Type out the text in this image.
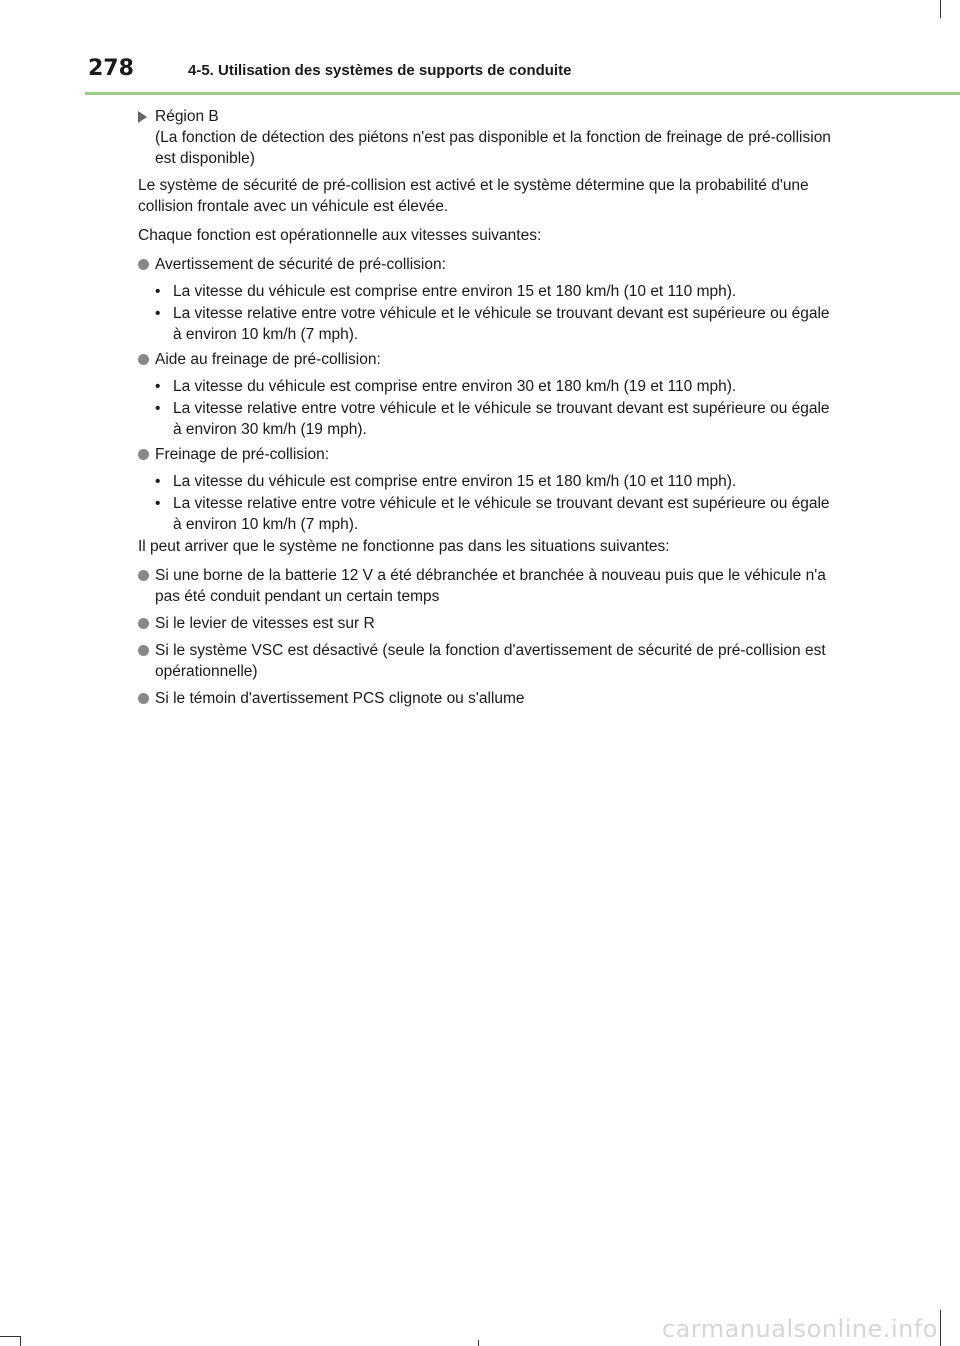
278	4-5. Utilisation des systèmes de supports de conduite
Région B
(La fonction de détection des piétons n'est pas disponible et la fonction de freinage de pré-collision est disponible)

Le système de sécurité de pré-collision est activé et le système détermine que la probabilité d'une collision frontale avec un véhicule est élevée.

Chaque fonction est opérationnelle aux vitesses suivantes:

Avertissement de sécurité de pré-collision:
• La vitesse du véhicule est comprise entre environ 15 et 180 km/h (10 et 110 mph).
• La vitesse relative entre votre véhicule et le véhicule se trouvant devant est supérieure ou égale à environ 10 km/h (7 mph).
Aide au freinage de pré-collision:
• La vitesse du véhicule est comprise entre environ 30 et 180 km/h (19 et 110 mph).
• La vitesse relative entre votre véhicule et le véhicule se trouvant devant est supérieure ou égale à environ 30 km/h (19 mph).
Freinage de pré-collision:
• La vitesse du véhicule est comprise entre environ 15 et 180 km/h (10 et 110 mph).
• La vitesse relative entre votre véhicule et le véhicule se trouvant devant est supérieure ou égale à environ 10 km/h (7 mph).

Il peut arriver que le système ne fonctionne pas dans les situations suivantes:

Si une borne de la batterie 12 V a été débranchée et branchée à nouveau puis que le véhicule n'a pas été conduit pendant un certain temps
Si le levier de vitesses est sur R
Si le système VSC est désactivé (seule la fonction d'avertissement de sécurité de pré-collision est opérationnelle)
Si le témoin d'avertissement PCS clignote ou s'allume
carmanualsonline.info
